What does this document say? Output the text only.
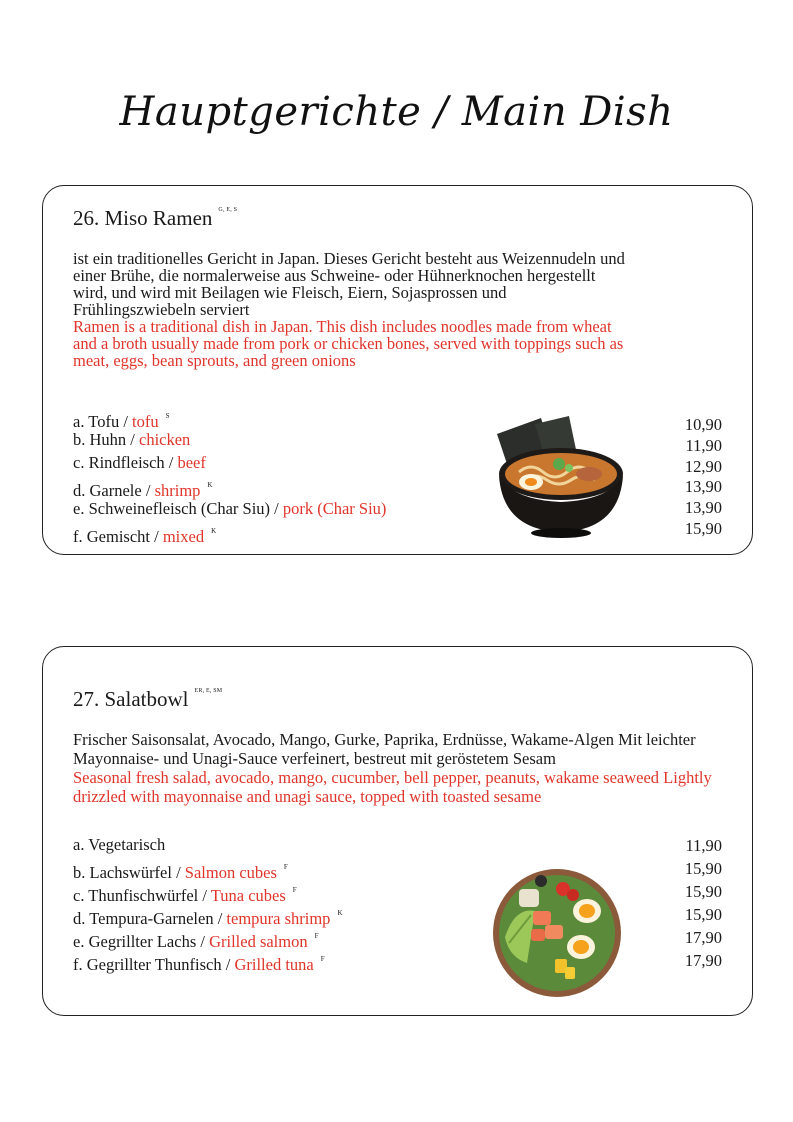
Hauptgerichte / Main Dish
26. Miso Ramen $^{G, E, S}$
ist ein traditionelles Gericht in Japan. Dieses Gericht besteht aus Weizennudeln und einer Brühe, die normalerweise aus Schweine- oder Hühnerknochen hergestellt wird, und wird mit Beilagen wie Fleisch, Eiern, Sojasprossen und Frühlingszwiebeln serviert
Ramen is a traditional dish in Japan. This dish includes noodles made from wheat and a broth usually made from pork or chicken bones, served with toppings such as meat, eggs, bean sprouts, and green onions
a. Tofu / tofu $^S$
b. Huhn / chicken
c. Rindfleisch / beef
d. Garnele / shrimp $^K$
e. Schweinefleisch (Char Siu) / pork (Char Siu)
f. Gemischt / mixed $^K$
10,90
11,90
12,90
13,90
13,90
15,90
27. Salatbowl $^{ER, E, SM}$
Frischer Saisonsalat, Avocado, Mango, Gurke, Paprika, Erdnüsse, Wakame-Algen Mit leichter Mayonnaise- und Unagi-Sauce verfeinert, bestreut mit geröstetem Sesam
Seasonal fresh salad, avocado, mango, cucumber, bell pepper, peanuts, wakame seaweed Lightly drizzled with mayonnaise and unagi sauce, topped with toasted sesame
a. Vegetarisch
b. Lachswürfel / Salmon cubes $^F$
c. Thunfischwürfel / Tuna cubes $^F$
d. Tempura-Garnelen / tempura shrimp $^K$
e. Gegrillter Lachs / Grilled salmon $^F$
f. Gegrillter Thunfisch / Grilled tuna $^F$
11,90
15,90
15,90
15,90
17,90
17,90
